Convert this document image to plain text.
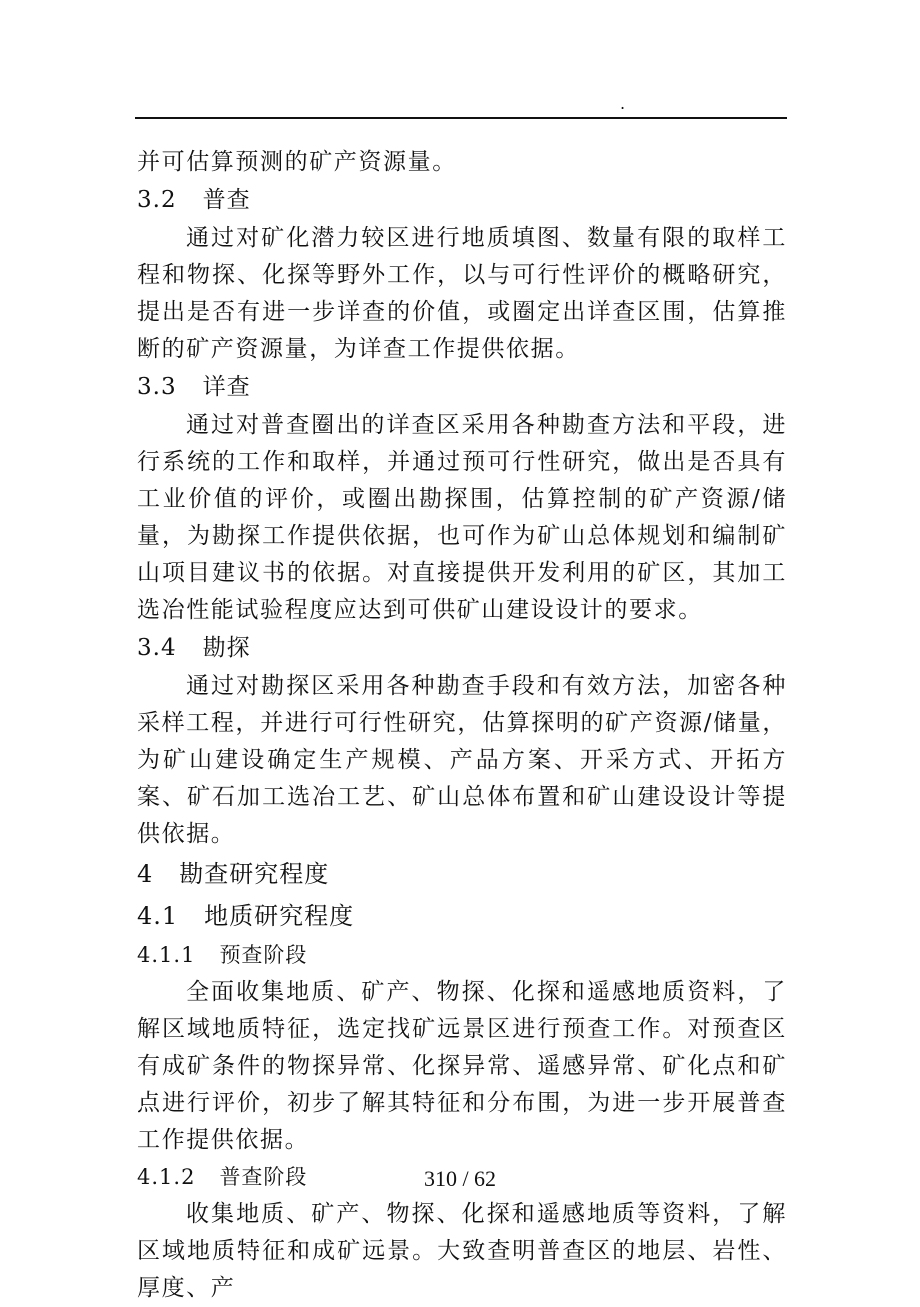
.

并可估算预测的矿产资源量。

3.2 普查

通过对矿化潜力较区进行地质填图、数量有限的取样工程和物探、化探等野外工作，以与可行性评价的概略研究，提出是否有进一步详查的价值，或圈定出详查区围，估算推断的矿产资源量，为详查工作提供依据。

3.3 详查

通过对普查圈出的详查区采用各种勘查方法和平段，进行系统的工作和取样，并通过预可行性研究，做出是否具有工业价值的评价，或圈出勘探围，估算控制的矿产资源/储量，为勘探工作提供依据，也可作为矿山总体规划和编制矿山项目建议书的依据。对直接提供开发利用的矿区，其加工选冶性能试验程度应达到可供矿山建设设计的要求。

3.4 勘探

通过对勘探区采用各种勘查手段和有效方法，加密各种采样工程，并进行可行性研究，估算探明的矿产资源/储量，为矿山建设确定生产规模、产品方案、开采方式、开拓方案、矿石加工选冶工艺、矿山总体布置和矿山建设设计等提供依据。

4 勘查研究程度
4.1 地质研究程度
4.1.1 预查阶段

全面收集地质、矿产、物探、化探和遥感地质资料，了解区域地质特征，选定找矿远景区进行预查工作。对预查区有成矿条件的物探异常、化探异常、遥感异常、矿化点和矿点进行评价，初步了解其特征和分布围，为进一步开展普查工作提供依据。

4.1.2 普查阶段

收集地质、矿产、物探、化探和遥感地质等资料，了解区域地质特征和成矿远景。大致查明普查区的地层、岩性、厚度、产

310 / 62
